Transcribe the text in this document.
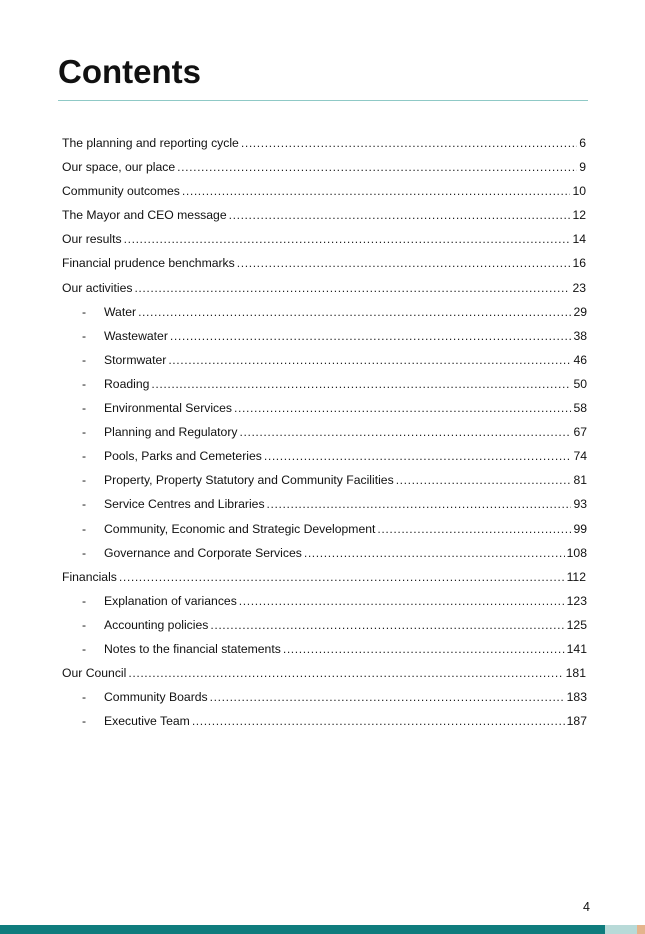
Contents
The planning and reporting cycle .....	6
Our space, our place .....	9
Community outcomes .....	10
The Mayor and CEO message .....	12
Our results .....	14
Financial prudence benchmarks .....	16
Our activities .....	23
-	Water .....	29
-	Wastewater .....	38
-	Stormwater .....	46
-	Roading .....	50
-	Environmental Services .....	58
-	Planning and Regulatory .....	67
-	Pools, Parks and Cemeteries .....	74
-	Property, Property Statutory and Community Facilities .....	81
-	Service Centres and Libraries .....	93
-	Community, Economic and Strategic Development .....	99
-	Governance and Corporate Services .....	108
Financials .....	112
-	Explanation of variances .....	123
-	Accounting policies .....	125
-	Notes to the financial statements .....	141
Our Council .....	181
-	Community Boards .....	183
-	Executive Team .....	187
4
